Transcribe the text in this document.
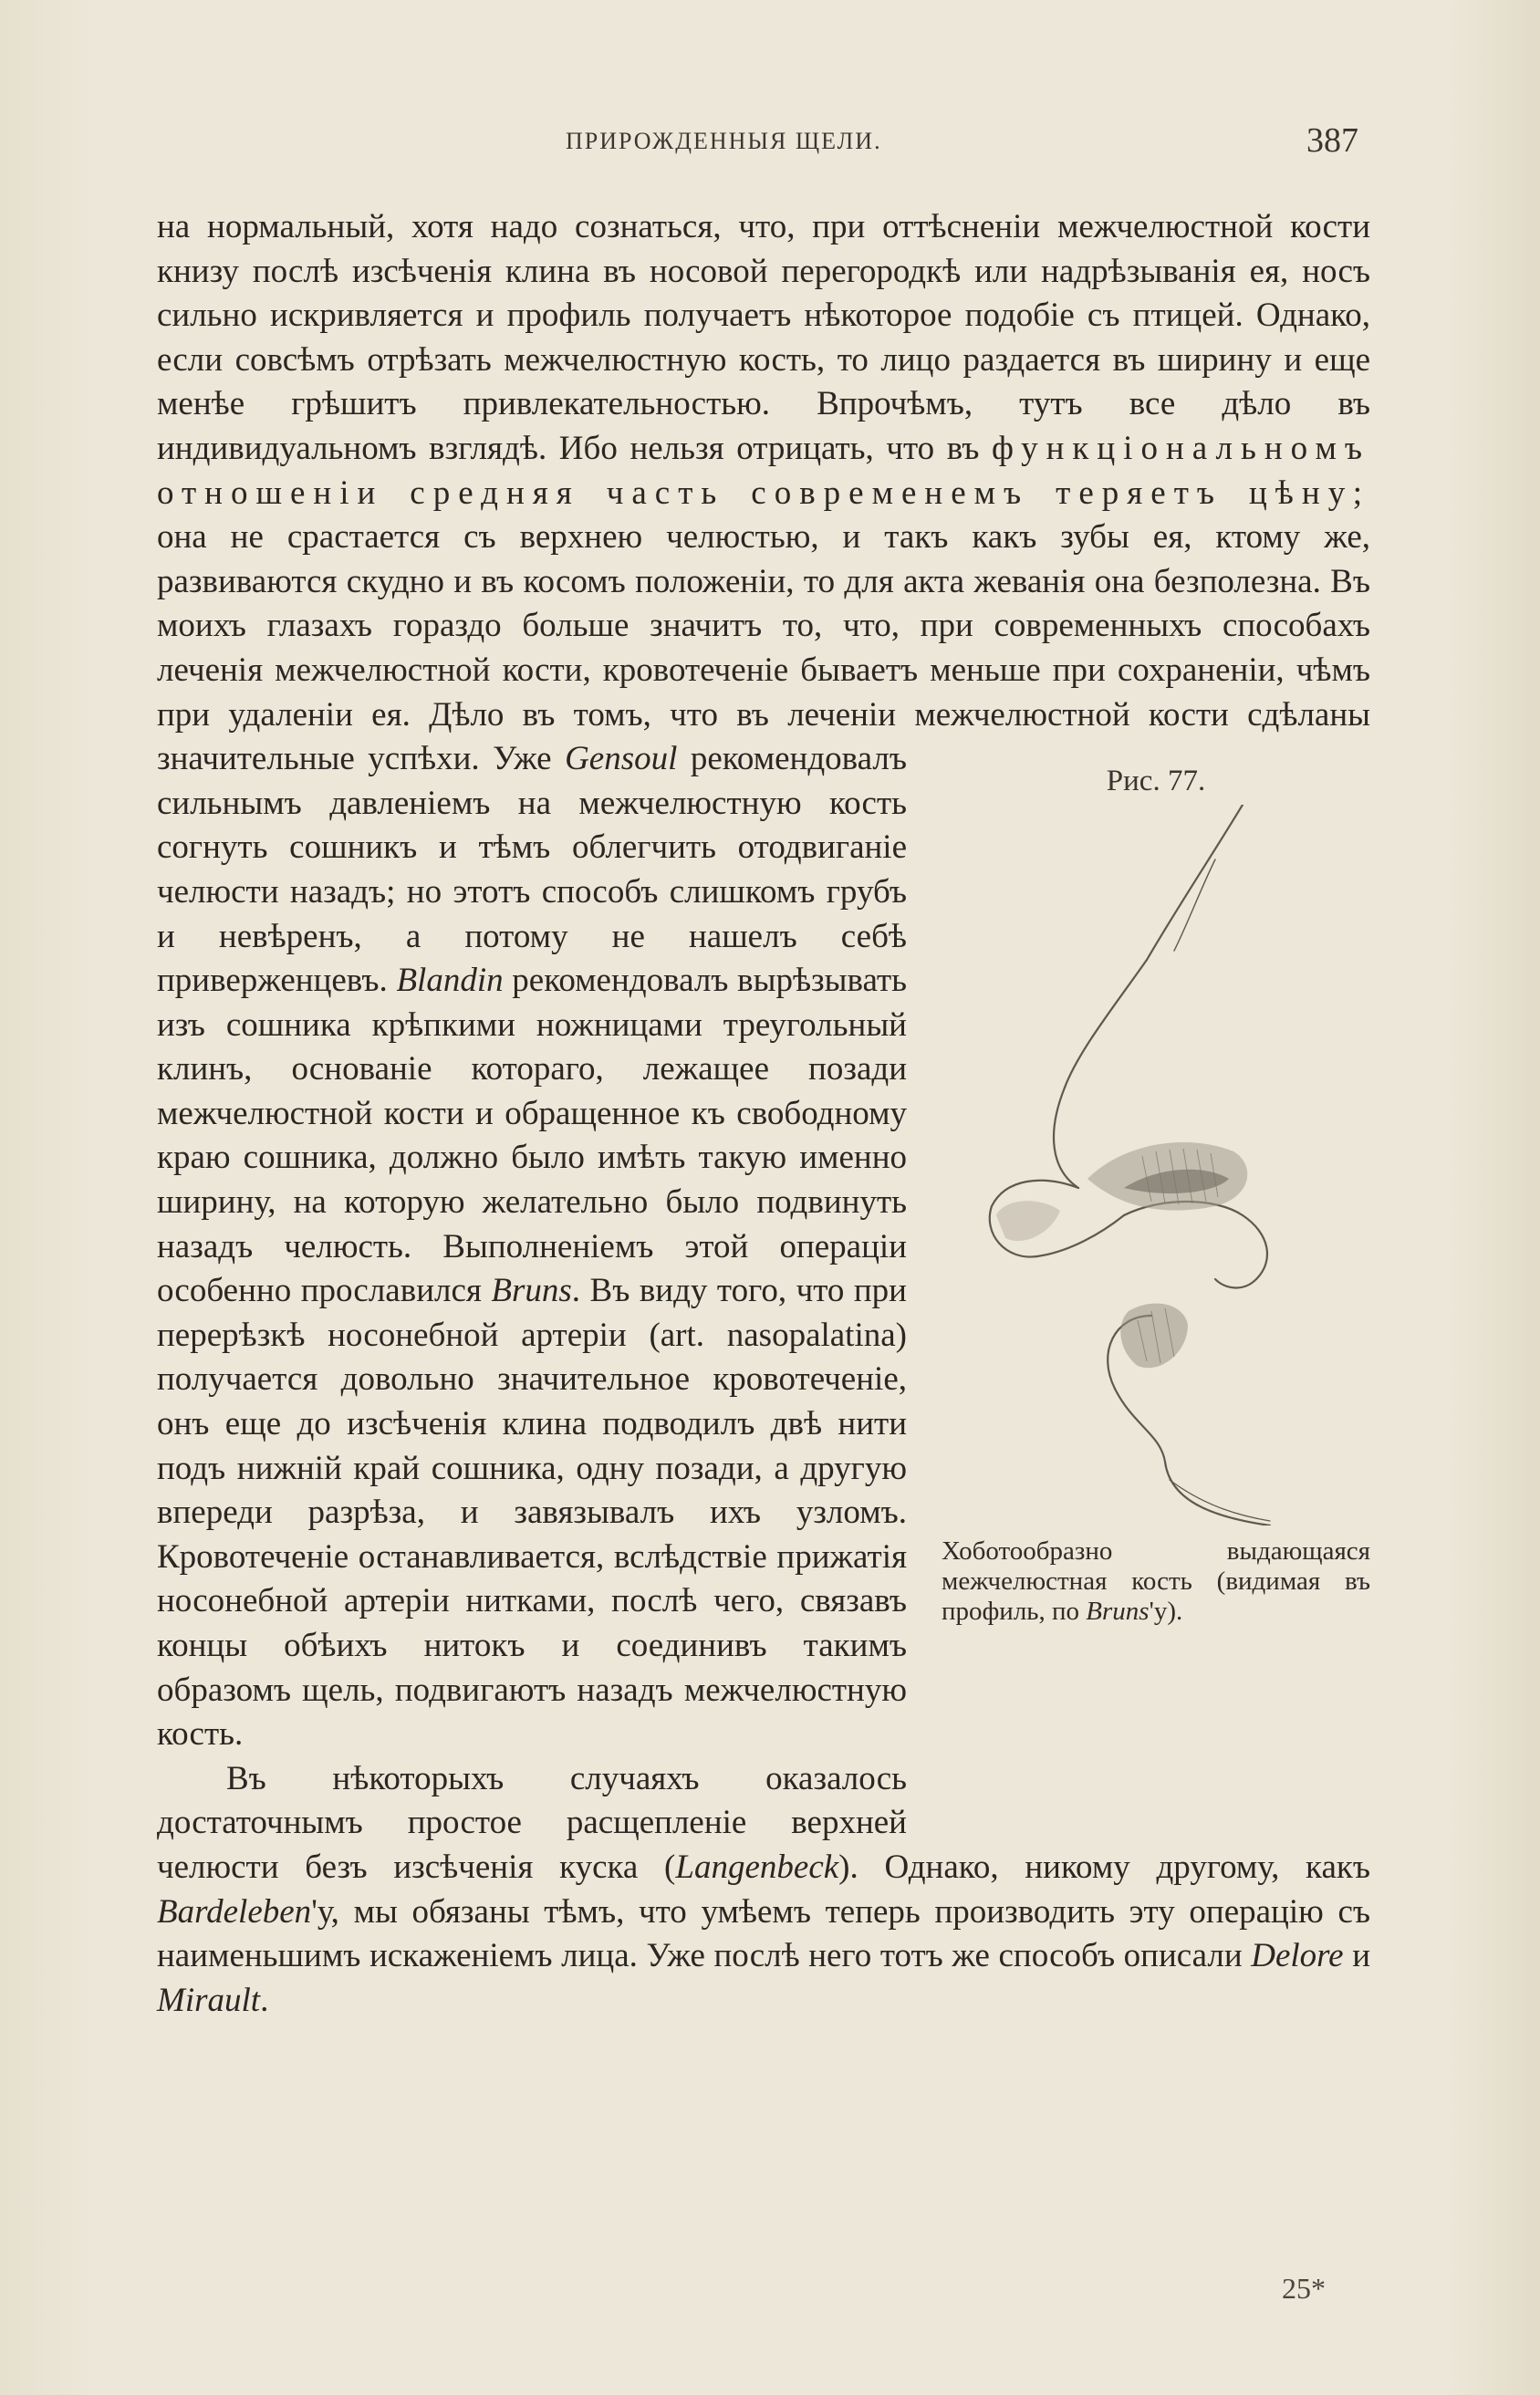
ПРИРОЖДЕННЫЯ ЩЕЛИ.	387

на нормальный, хотя надо сознаться, что, при оттѣсненіи межчелюстной кости книзу послѣ изсѣченія клина въ носовой перегородкѣ или надрѣзыванія ея, носъ сильно искривляется и профиль получаетъ нѣкоторое подобіе съ птицей. Однако, если совсѣмъ отрѣзать межчелюстную кость, то лицо раздается въ ширину и еще менѣе грѣшитъ привлекательностью. Впрочѣмъ, тутъ все дѣло въ индивидуальномъ взглядѣ. Ибо нельзя отрицать, что въ функціональномъ отношеніи средняя часть современемъ теряетъ цѣну; она не срастается съ верхнею челюстью, и такъ какъ зубы ея, ктому же, развиваются скудно и въ косомъ положеніи, то для акта жеванія она безполезна. Въ моихъ глазахъ гораздо больше значитъ то, что, при современныхъ способахъ леченія межчелюстной кости, кровотеченіе бываетъ меньше при сохраненіи, чѣмъ при удаленіи ея. Дѣло въ томъ, что въ леченіи межчелюстной кости сдѣланы значительные успѣхи. Уже
Рис. 77.
Хоботообразно выдающаяся межчелюстная кость (видимая въ профиль, по Bruns'у).
Gensoul рекомендовалъ сильнымъ давленіемъ на межчелюстную кость согнуть сошникъ и тѣмъ облегчить отодвиганіе челюсти назадъ; но этотъ способъ слишкомъ грубъ и невѣренъ, а потому не нашелъ себѣ приверженцевъ. Blandin рекомендовалъ вырѣзывать изъ сошника крѣпкими ножницами треугольный клинъ, основаніе котораго, лежащее позади межчелюстной кости и обращенное къ свободному краю сошника, должно было имѣть такую именно ширину, на которую желательно было подвинуть назадъ челюсть. Выполненіемъ этой операціи особенно прославился Bruns. Въ виду того, что при перерѣзкѣ носонебной артеріи (art. nasopalatina) получается довольно значительное кровотеченіе, онъ еще до изсѣченія клина подводилъ двѣ нити подъ нижній край сошника, одну позади, а другую впереди разрѣза, и завязывалъ ихъ узломъ. Кровотеченіе останавливается, вслѣдствіе прижатія носонебной артеріи нитками, послѣ чего, связавъ концы обѣихъ нитокъ и соединивъ такимъ образомъ щель, подвигаютъ назадъ межчелюстную кость.

Въ нѣкоторыхъ случаяхъ оказалось достаточнымъ простое расщепленіе верхней челюсти безъ изсѣченія куска (Langenbeck). Однако, никому другому, какъ Bardeleben'у, мы обязаны тѣмъ, что умѣемъ теперь производить эту операцію съ наименьшимъ искаженіемъ лица. Уже послѣ него тотъ же способъ описали Delore и Mirault.

25*
